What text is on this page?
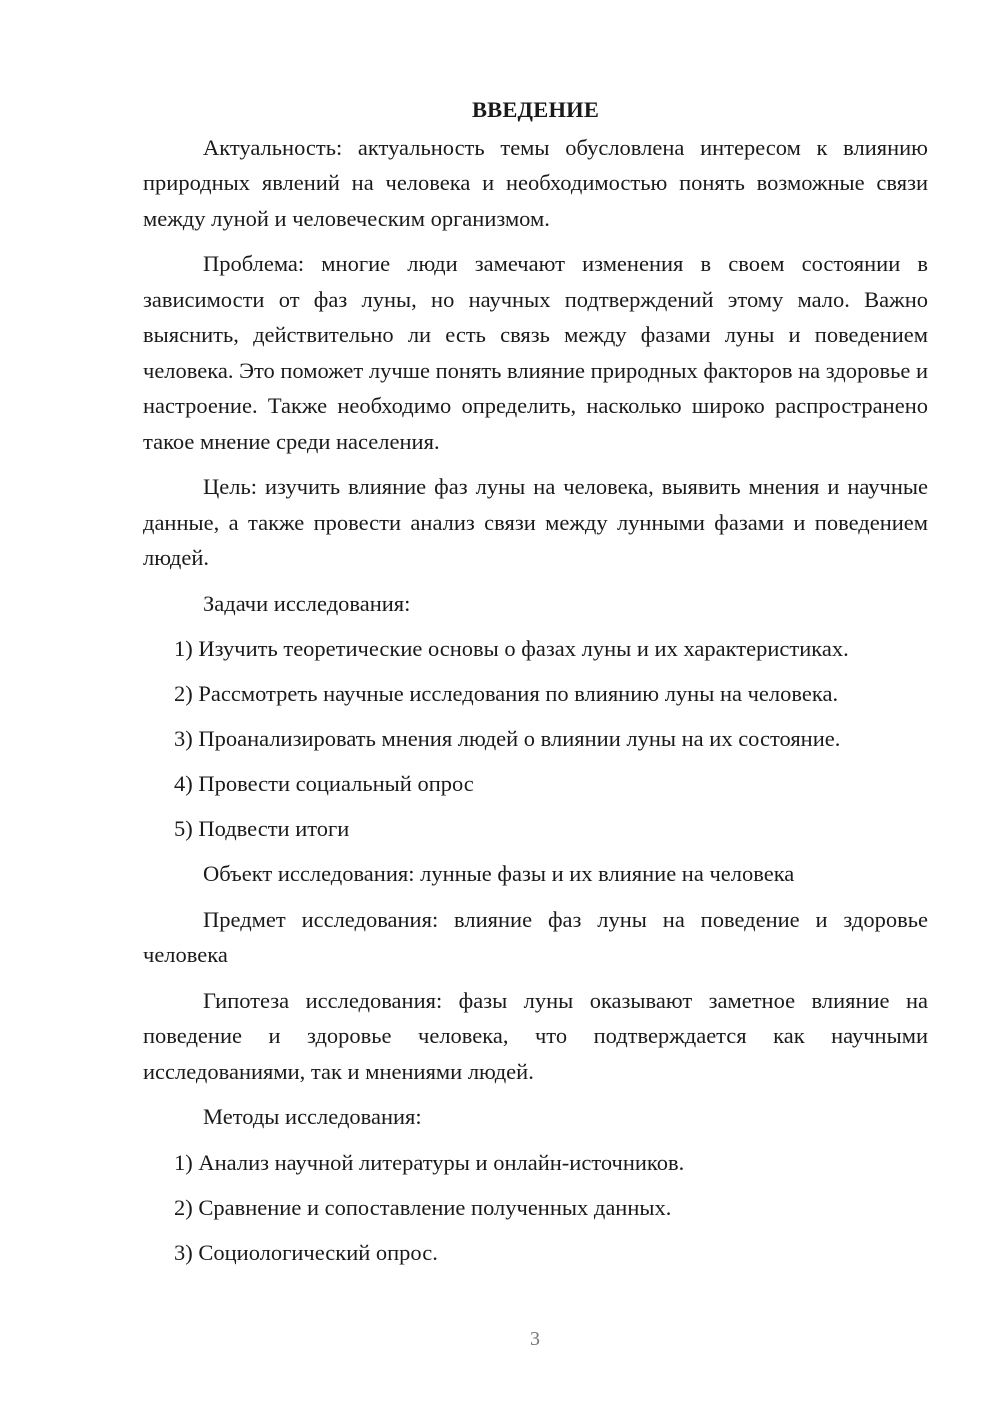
ВВЕДЕНИЕ
Актуальность: актуальность темы обусловлена интересом к влиянию природных явлений на человека и необходимостью понять возможные связи между луной и человеческим организмом.
Проблема: многие люди замечают изменения в своем состоянии в зависимости от фаз луны, но научных подтверждений этому мало. Важно выяснить, действительно ли есть связь между фазами луны и поведением человека. Это поможет лучше понять влияние природных факторов на здоровье и настроение. Также необходимо определить, насколько широко распространено такое мнение среди населения.
Цель: изучить влияние фаз луны на человека, выявить мнения и научные данные, а также провести анализ связи между лунными фазами и поведением людей.
Задачи исследования:
1) Изучить теоретические основы о фазах луны и их характеристиках.
2) Рассмотреть научные исследования по влиянию луны на человека.
3) Проанализировать мнения людей о влиянии луны на их состояние.
4) Провести социальный опрос
5) Подвести итоги
Объект исследования: лунные фазы и их влияние на человека
Предмет исследования: влияние фаз луны на поведение и здоровье человека
Гипотеза исследования: фазы луны оказывают заметное влияние на поведение и здоровье человека, что подтверждается как научными исследованиями, так и мнениями людей.
Методы исследования:
1) Анализ научной литературы и онлайн-источников.
2) Сравнение и сопоставление полученных данных.
3) Социологический опрос.
3
